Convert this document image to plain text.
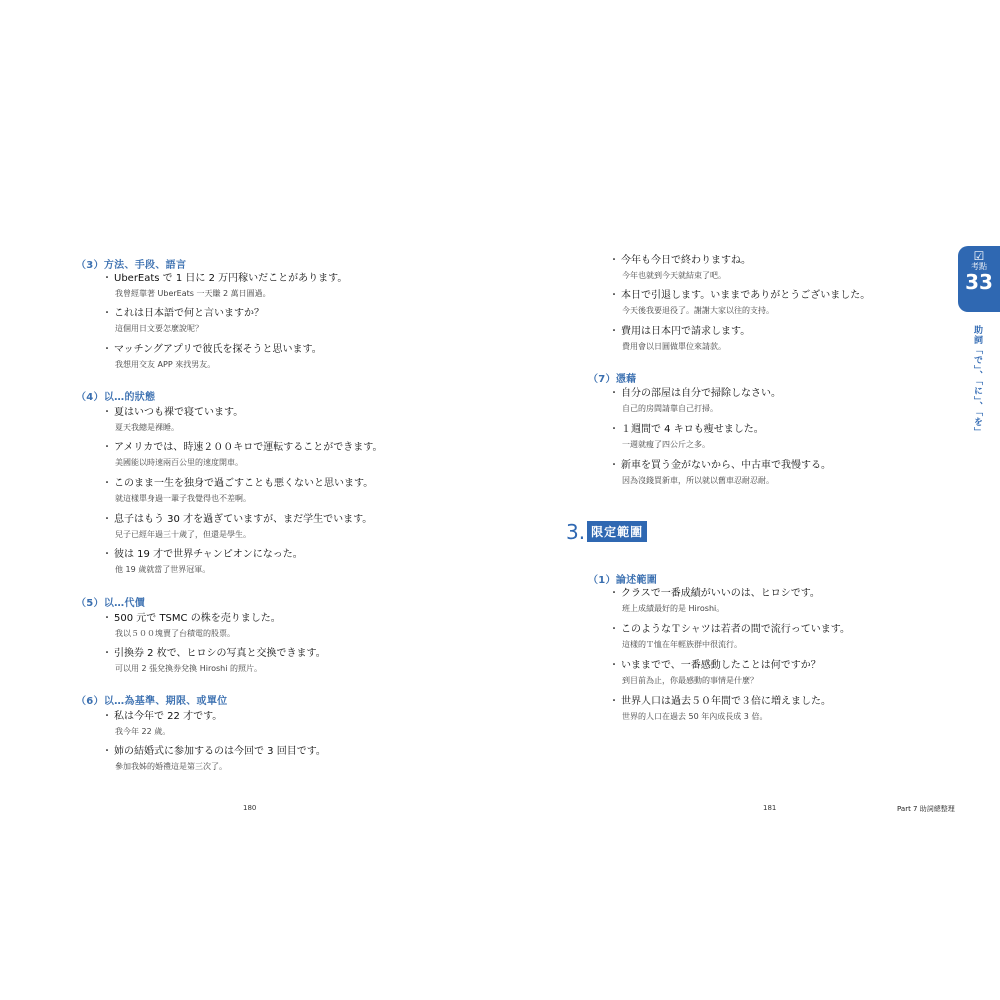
（3）方法、手段、語言
・ UberEats で 1 日に 2 万円稼いだことがあります。
我曾經靠著 UberEats 一天賺 2 萬日圓過。
・ これは日本語で何と言いますか？
這個用日文要怎麼說呢？
・ マッチングアプリで彼氏を探そうと思います。
我想用交友 APP 來找男友。
（4）以…的狀態
・ 夏はいつも裸で寝ています。
夏天我總是裸睡。
・ アメリカでは、時速２００キロで運転することができます。
美國能以時速兩百公里的速度開車。
・ このまま一生を独身で過ごすことも悪くないと思います。
就這樣單身過一輩子我覺得也不差啊。
・ 息子はもう 30 才を過ぎていますが、まだ学生でいます。
兒子已經年過三十歲了，但還是學生。
・ 彼は 19 才で世界チャンピオンになった。
他 19 歲就當了世界冠軍。
（5）以…代價
・ 500 元で TSMC の株を売りました。
我以５００塊賣了台積電的股票。
・ 引換券 2 枚で、ヒロシの写真と交換できます。
可以用 2 張兌換券兌換 Hiroshi 的照片。
（6）以…為基準、期限、或單位
・ 私は今年で 22 才です。
我今年 22 歲。
・ 姉の結婚式に参加するのは今回で 3 回目です。
參加我姊的婚禮這是第三次了。
180
・ 今年も今日で終わりますね。
今年也就到今天就結束了吧。
・ 本日で引退します。いままでありがとうございました。
今天後我要退役了。謝謝大家以往的支持。
・ 費用は日本円で請求します。
費用會以日圓做單位來請款。
（7）憑藉
・ 自分の部屋は自分で掃除しなさい。
自己的房間請靠自己打掃。
・ １週間で 4 キロも痩せました。
一週就瘦了四公斤之多。
・ 新車を買う金がないから、中古車で我慢する。
因為沒錢買新車，所以就以舊車忍耐忍耐。
（1）論述範圍
・ クラスで一番成績がいいのは、ヒロシです。
班上成績最好的是 Hiroshi。
・ このようなＴシャツは若者の間で流行っています。
這樣的Ｔ恤在年輕族群中很流行。
・ いままでで、一番感動したことは何ですか？
到目前為止，你最感動的事情是什麼？
・ 世界人口は過去５０年間で３倍に増えました。
世界的人口在過去 50 年內成長成 3 倍。
181
3. 限定範圍
☑
考點
33
助詞「で」、「に」、「を」
Part 7 助詞總整理
